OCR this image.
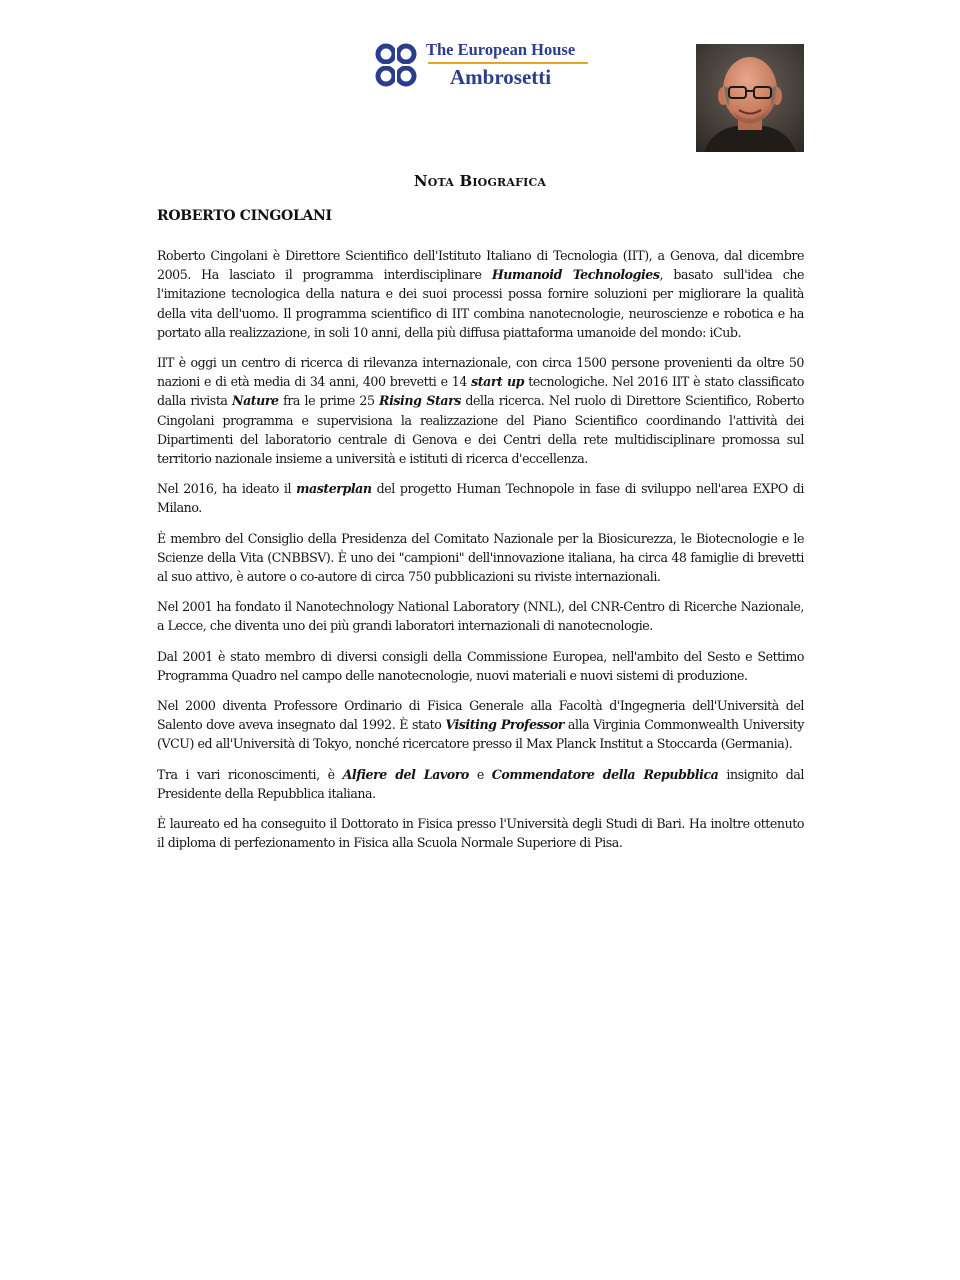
The European House
Ambrosetti
Nota Biografica
ROBERTO CINGOLANI

Roberto Cingolani è Direttore Scientifico dell'Istituto Italiano di Tecnologia (IIT), a Genova, dal dicembre 2005. Ha lasciato il programma interdisciplinare Humanoid Technologies, basato sull'idea che l'imitazione tecnologica della natura e dei suoi processi possa fornire soluzioni per migliorare la qualità della vita dell'uomo. Il programma scientifico di IIT combina nanotecnologie, neuroscienze e robotica e ha portato alla realizzazione, in soli 10 anni, della più diffusa piattaforma umanoide del mondo: iCub.

IIT è oggi un centro di ricerca di rilevanza internazionale, con circa 1500 persone provenienti da oltre 50 nazioni e di età media di 34 anni, 400 brevetti e 14 start up tecnologiche. Nel 2016 IIT è stato classificato dalla rivista Nature fra le prime 25 Rising Stars della ricerca. Nel ruolo di Direttore Scientifico, Roberto Cingolani programma e supervisiona la realizzazione del Piano Scientifico coordinando l'attività dei Dipartimenti del laboratorio centrale di Genova e dei Centri della rete multidisciplinare promossa sul territorio nazionale insieme a università e istituti di ricerca d'eccellenza.

Nel 2016, ha ideato il masterplan del progetto Human Technopole in fase di sviluppo nell'area EXPO di Milano.

È membro del Consiglio della Presidenza del Comitato Nazionale per la Biosicurezza, le Biotecnologie e le Scienze della Vita (CNBBSV). È uno dei "campioni" dell'innovazione italiana, ha circa 48 famiglie di brevetti al suo attivo, è autore o co-autore di circa 750 pubblicazioni su riviste internazionali.

Nel 2001 ha fondato il Nanotechnology National Laboratory (NNL), del CNR-Centro di Ricerche Nazionale, a Lecce, che diventa uno dei più grandi laboratori internazionali di nanotecnologie.

Dal 2001 è stato membro di diversi consigli della Commissione Europea, nell'ambito del Sesto e Settimo Programma Quadro nel campo delle nanotecnologie, nuovi materiali e nuovi sistemi di produzione.

Nel 2000 diventa Professore Ordinario di Fisica Generale alla Facoltà d'Ingegneria dell'Università del Salento dove aveva insegnato dal 1992. È stato Visiting Professor alla Virginia Commonwealth University (VCU) ed all'Università di Tokyo, nonché ricercatore presso il Max Planck Institut a Stoccarda (Germania).

Tra i vari riconoscimenti, è Alfiere del Lavoro e Commendatore della Repubblica insignito dal Presidente della Repubblica italiana.

È laureato ed ha conseguito il Dottorato in Fisica presso l'Università degli Studi di Bari. Ha inoltre ottenuto il diploma di perfezionamento in Fisica alla Scuola Normale Superiore di Pisa.
